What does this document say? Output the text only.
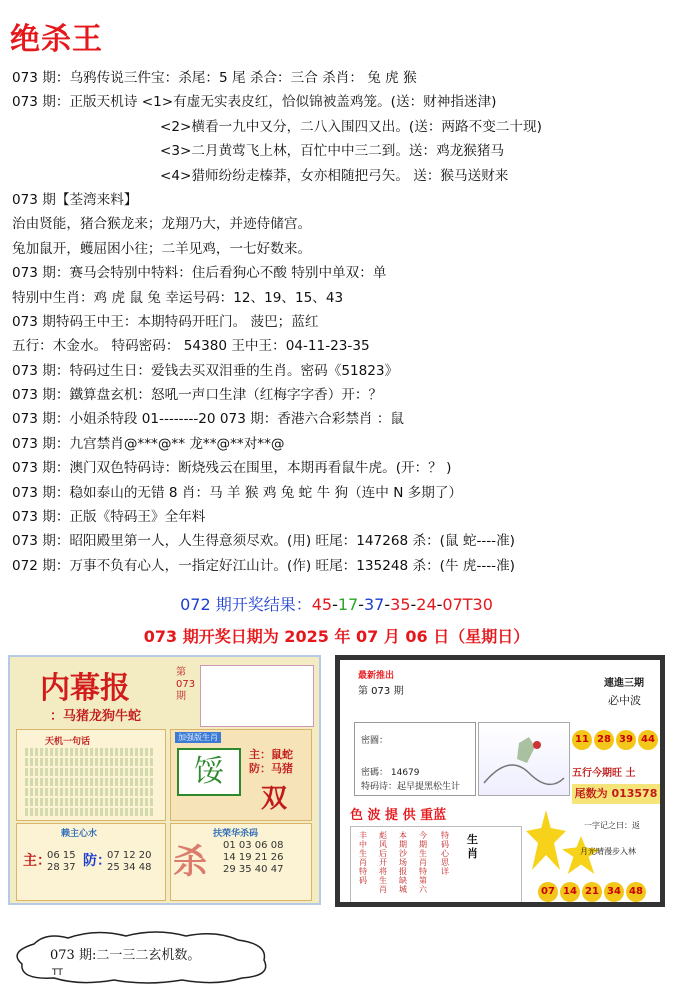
绝杀王
073 期：乌鸦传说三件宝：杀尾：5 尾 杀合：三合 杀肖： 兔 虎 猴
073 期：正版天机诗 <1>有虚无实表皮红，恰似锦被盖鸡笼。(送：财神指迷津)
<2>横看一九中又分，二八入围四又出。(送：两路不变二十现)
<3>二月黄莺飞上林，百忙中中三二到。送：鸡龙猴猪马
<4>猎师纷纷走榛莽，女亦相随把弓矢。 送：猴马送财来
073 期【荃湾来料】
治由贤能，猪合猴龙来；龙翔乃大，并迹侍储宫。
兔加鼠开，蠖屈困小往；二羊见鸡，一七好数来。
073 期：赛马会特别中特料：住后看狗心不酸 特别中单双：单
特别中生肖：鸡 虎 鼠 兔 幸运号码：12、19、15、43
073 期特码王中王：本期特码开旺门。 菠巴；蓝红
五行：木金水。 特码密码： 54380 王中王：04-11-23-35
073 期：特码过生日：爱钱去买双泪垂的生肖。密码《51823》
073 期：鐵算盘玄机：怒吼一声口生津（红梅字字香）开：？
073 期：小姐杀特段 01--------20 073 期：香港六合彩禁肖 ：鼠
073 期：九宫禁肖@***@** 龙**@**对**@
073 期：澳门双色特码诗：断烧残云在围里，本期再看鼠牛虎。(开：？ )
073 期：稳如泰山的无错 8 肖：马 羊 猴 鸡 兔 蛇 牛 狗（连中 N 多期了）
073 期：正版《特码王》全年料
073 期：昭阳殿里第一人，人生得意须尽欢。(用) 旺尾：147268 杀：(鼠 蛇----准)
072 期：万事不负有心人，一指定好江山计。(作) 旺尾：135248 杀：(牛 虎----准)
072 期开奖结果：45-17-37-35-24-07T30
073 期开奖日期为 2025 年 07 月 06 日（星期日）
内幕报
：马猪龙狗牛蛇
第 073 期
天机一句话	加强版生肖
馁	主：鼠蛇
防：马猪
双
赖主心水
主：
06 15
28 37 防：
07 12 20
25 34 48
扶荣华杀码
杀 01 03 06 08
14 19 21 26
29 35 40 47
最新推出
第 073 期
連進三期
必中波
密圖：
密碼： 14679
特码诗：起早提黑松生计
11 28 39 44
五行今期旺 土
尾数为 013578
色 波 提 供 重蓝
丰中生肖特码
彪风后开将生肖
本期沙场报缺城
今期生肖特第六
特码心思详
生肖
一字记之曰：返
月光晴漫步入林
07 14 21 34 48
073 期:二一三二玄机数。
TT
